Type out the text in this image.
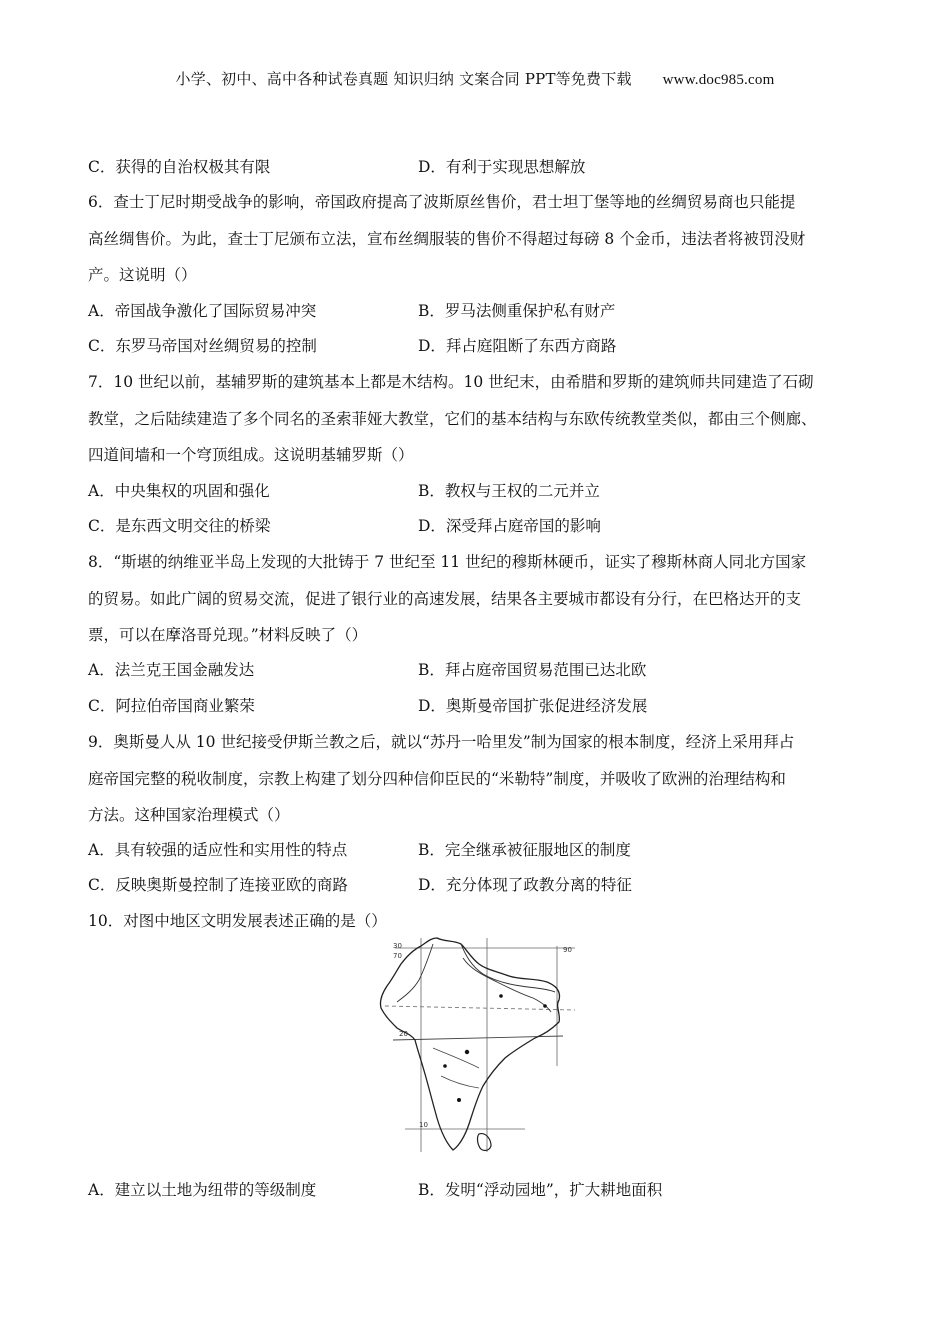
小学、初中、高中各种试卷真题 知识归纳 文案合同 PPT等免费下载 www.doc985.com
C．获得的自治权极其有限	D．有利于实现思想解放
6．查士丁尼时期受战争的影响，帝国政府提高了波斯原丝售价，君士坦丁堡等地的丝绸贸易商也只能提
高丝绸售价。为此，查士丁尼颁布立法，宣布丝绸服装的售价不得超过每磅 8 个金币，违法者将被罚没财
产。这说明（）
A．帝国战争激化了国际贸易冲突	B．罗马法侧重保护私有财产
C．东罗马帝国对丝绸贸易的控制	D．拜占庭阻断了东西方商路
7．10 世纪以前，基辅罗斯的建筑基本上都是木结构。10 世纪末，由希腊和罗斯的建筑师共同建造了石砌
教堂，之后陆续建造了多个同名的圣索菲娅大教堂，它们的基本结构与东欧传统教堂类似，都由三个侧廊、
四道间墙和一个穹顶组成。这说明基辅罗斯（）
A．中央集权的巩固和强化	B．教权与王权的二元并立
C．是东西文明交往的桥梁	D．深受拜占庭帝国的影响
8．“斯堪的纳维亚半岛上发现的大批铸于 7 世纪至 11 世纪的穆斯林硬币，证实了穆斯林商人同北方国家
的贸易。如此广阔的贸易交流，促进了银行业的高速发展，结果各主要城市都设有分行，在巴格达开的支
票，可以在摩洛哥兑现。”材料反映了（）
A．法兰克王国金融发达	B．拜占庭帝国贸易范围已达北欧
C．阿拉伯帝国商业繁荣	D．奥斯曼帝国扩张促进经济发展
9．奥斯曼人从 10 世纪接受伊斯兰教之后，就以“苏丹一哈里发”制为国家的根本制度，经济上采用拜占
庭帝国完整的税收制度，宗教上构建了划分四种信仰臣民的“米勒特”制度，并吸收了欧洲的治理结构和
方法。这种国家治理模式（）
A．具有较强的适应性和实用性的特点	B．完全继承被征服地区的制度
C．反映奥斯曼控制了连接亚欧的商路	D．充分体现了政教分离的特征
10．对图中地区文明发展表述正确的是（）
30
70
90
20
10
A．建立以土地为纽带的等级制度	B．发明“浮动园地”，扩大耕地面积
